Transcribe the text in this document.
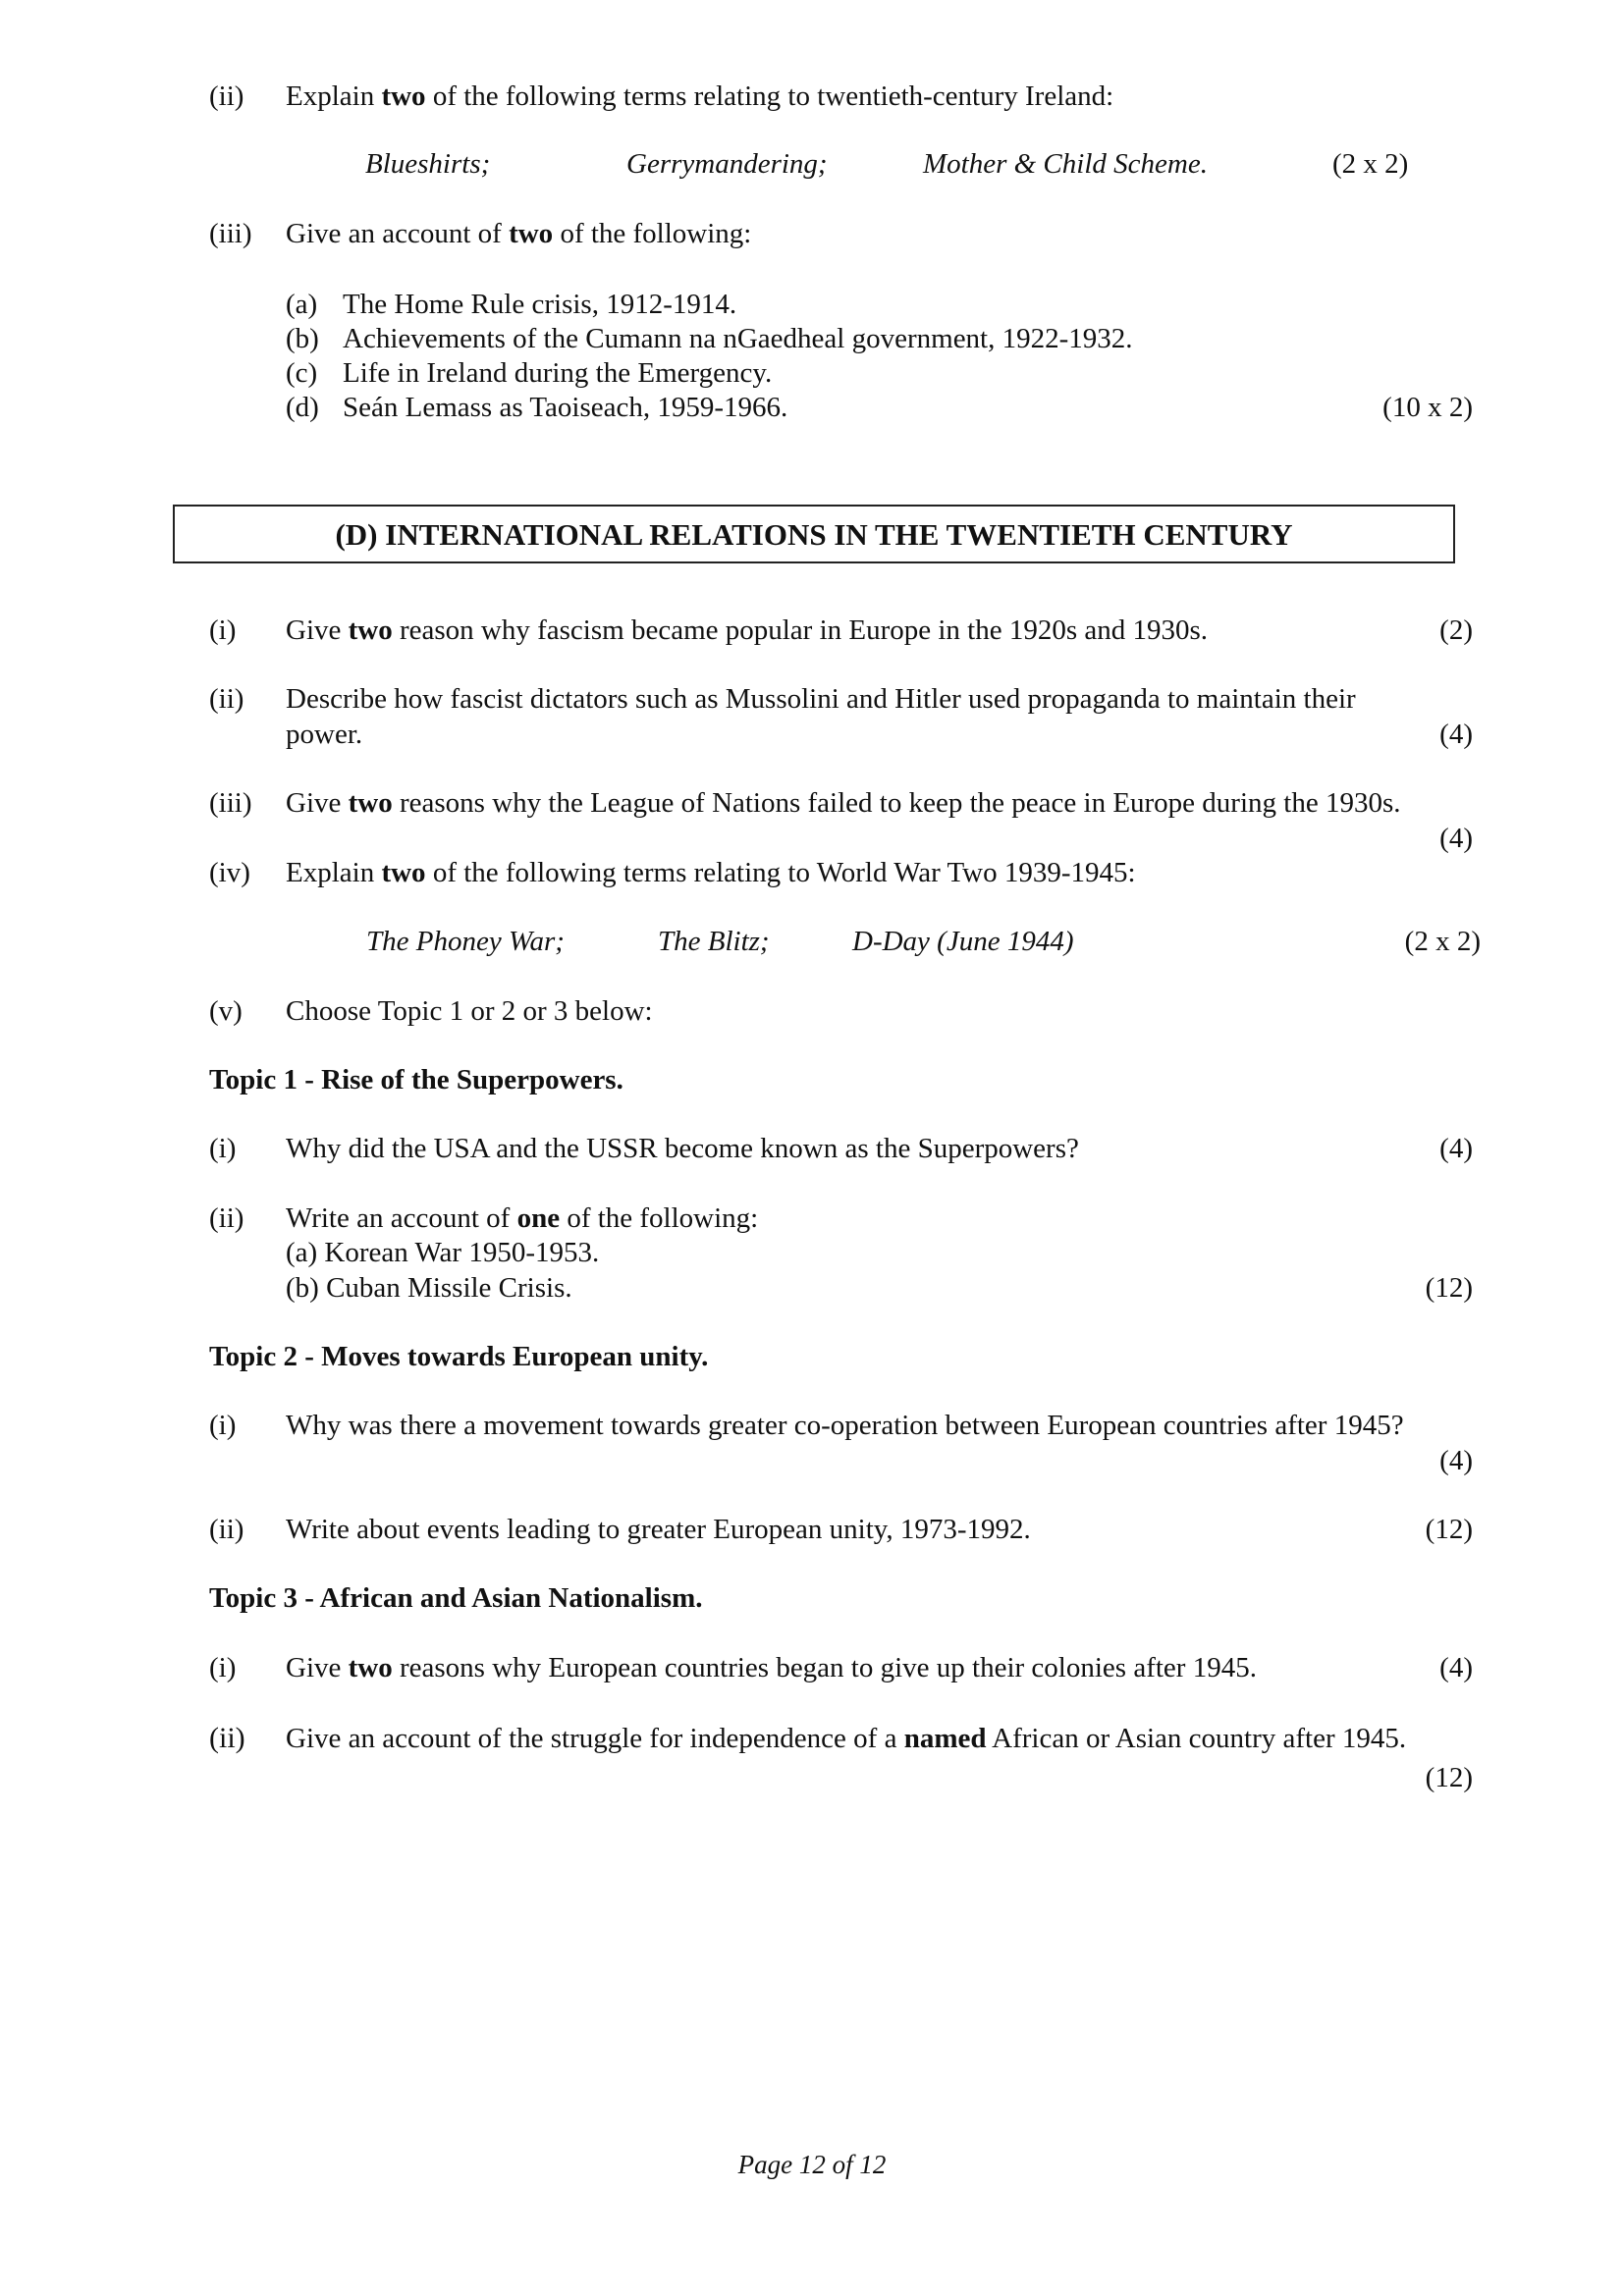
(ii) Explain two of the following terms relating to twentieth-century Ireland:
Blueshirts;	Gerrymandering;	Mother & Child Scheme.	(2 x 2)
(iii) Give an account of two of the following:
(a) The Home Rule crisis, 1912-1914.
(b) Achievements of the Cumann na nGaedheal government, 1922-1932.
(c) Life in Ireland during the Emergency.
(d) Seán Lemass as Taoiseach, 1959-1966.	(10 x 2)
(D) INTERNATIONAL RELATIONS IN THE TWENTIETH CENTURY
(i) Give two reason why fascism became popular in Europe in the 1920s and 1930s.	(2)
(ii) Describe how fascist dictators such as Mussolini and Hitler used propaganda to maintain their
power.	(4)
(iii) Give two reasons why the League of Nations failed to keep the peace in Europe during the 1930s.
(4)
(iv) Explain two of the following terms relating to World War Two 1939-1945:
The Phoney War;	The Blitz;	D-Day (June 1944)	(2 x 2)
(v) Choose Topic 1 or 2 or 3 below:
Topic 1 - Rise of the Superpowers.
(i) Why did the USA and the USSR become known as the Superpowers?	(4)
(ii) Write an account of one of the following:
(a) Korean War 1950-1953.
(b) Cuban Missile Crisis.	(12)
Topic 2 - Moves towards European unity.
(i) Why was there a movement towards greater co-operation between European countries after 1945?
(4)
(ii) Write about events leading to greater European unity, 1973-1992.	(12)
Topic 3 - African and Asian Nationalism.
(i) Give two reasons why European countries began to give up their colonies after 1945.	(4)
(ii) Give an account of the struggle for independence of a named African or Asian country after 1945.
(12)
Page 12 of 12
